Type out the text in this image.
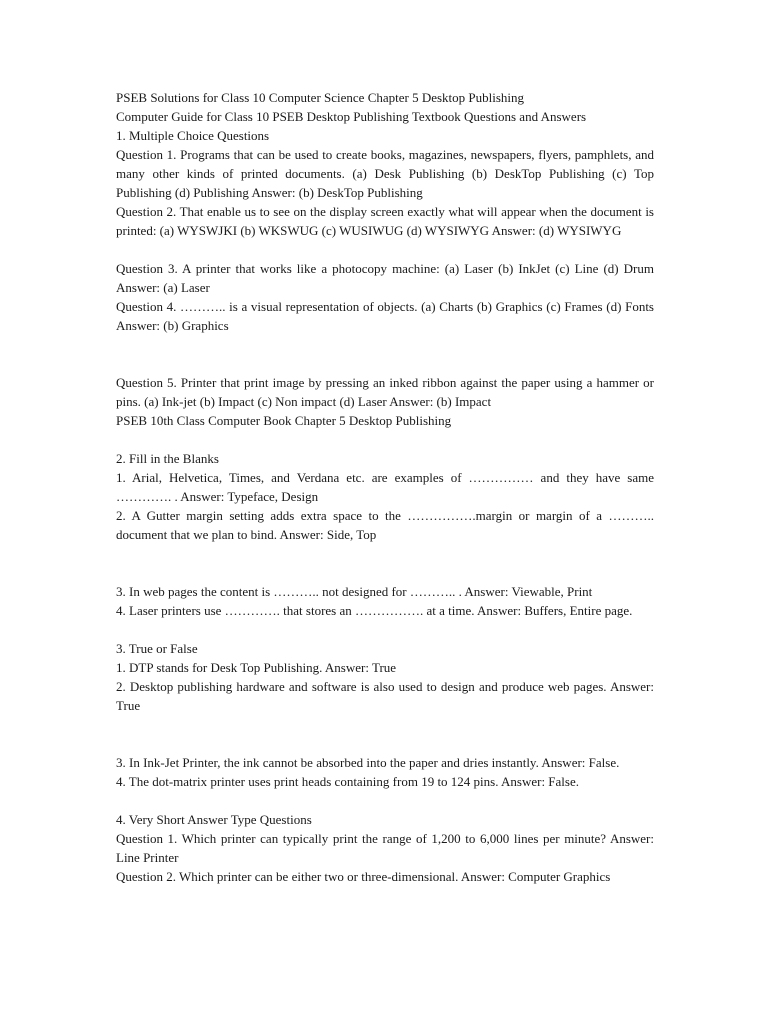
PSEB Solutions for Class 10 Computer Science Chapter 5 Desktop Publishing

Computer Guide for Class 10 PSEB Desktop Publishing Textbook Questions and Answers

1. Multiple Choice Questions

Question 1. Programs that can be used to create books, magazines, newspapers, flyers, pamphlets, and many other kinds of printed documents. (a) Desk Publishing (b) DeskTop Publishing (c) Top Publishing (d) Publishing Answer: (b) DeskTop Publishing

Question 2. That enable us to see on the display screen exactly what will appear when the document is printed: (a) WYSWJKI (b) WKSWUG (c) WUSIWUG (d) WYSIWYG Answer: (d) WYSIWYG

Question 3. A printer that works like a photocopy machine: (a) Laser (b) InkJet (c) Line (d) Drum Answer: (a) Laser

Question 4. ……….. is a visual representation of objects. (a) Charts (b) Graphics (c) Frames (d) Fonts Answer: (b) Graphics

Question 5. Printer that print image by pressing an inked ribbon against the paper using a hammer or pins. (a) Ink-jet (b) Impact (c) Non impact (d) Laser Answer: (b) Impact

PSEB 10th Class Computer Book Chapter 5 Desktop Publishing

2. Fill in the Blanks

1. Arial, Helvetica, Times, and Verdana etc. are examples of …………… and they have same …………. . Answer: Typeface, Design

2. A Gutter margin setting adds extra space to the …………….margin or margin of a ……….. document that we plan to bind. Answer: Side, Top

3. In web pages the content is ……….. not designed for ……….. . Answer: Viewable, Print

4. Laser printers use …………. that stores an ……………. at a time. Answer: Buffers, Entire page.

3. True or False

1. DTP stands for Desk Top Publishing. Answer: True

2. Desktop publishing hardware and software is also used to design and produce web pages. Answer: True

3. In Ink-Jet Printer, the ink cannot be absorbed into the paper and dries instantly. Answer: False.

4. The dot-matrix printer uses print heads containing from 19 to 124 pins. Answer: False.

4. Very Short Answer Type Questions

Question 1. Which printer can typically print the range of 1,200 to 6,000 lines per minute? Answer: Line Printer

Question 2. Which printer can be either two or three-dimensional. Answer: Computer Graphics
